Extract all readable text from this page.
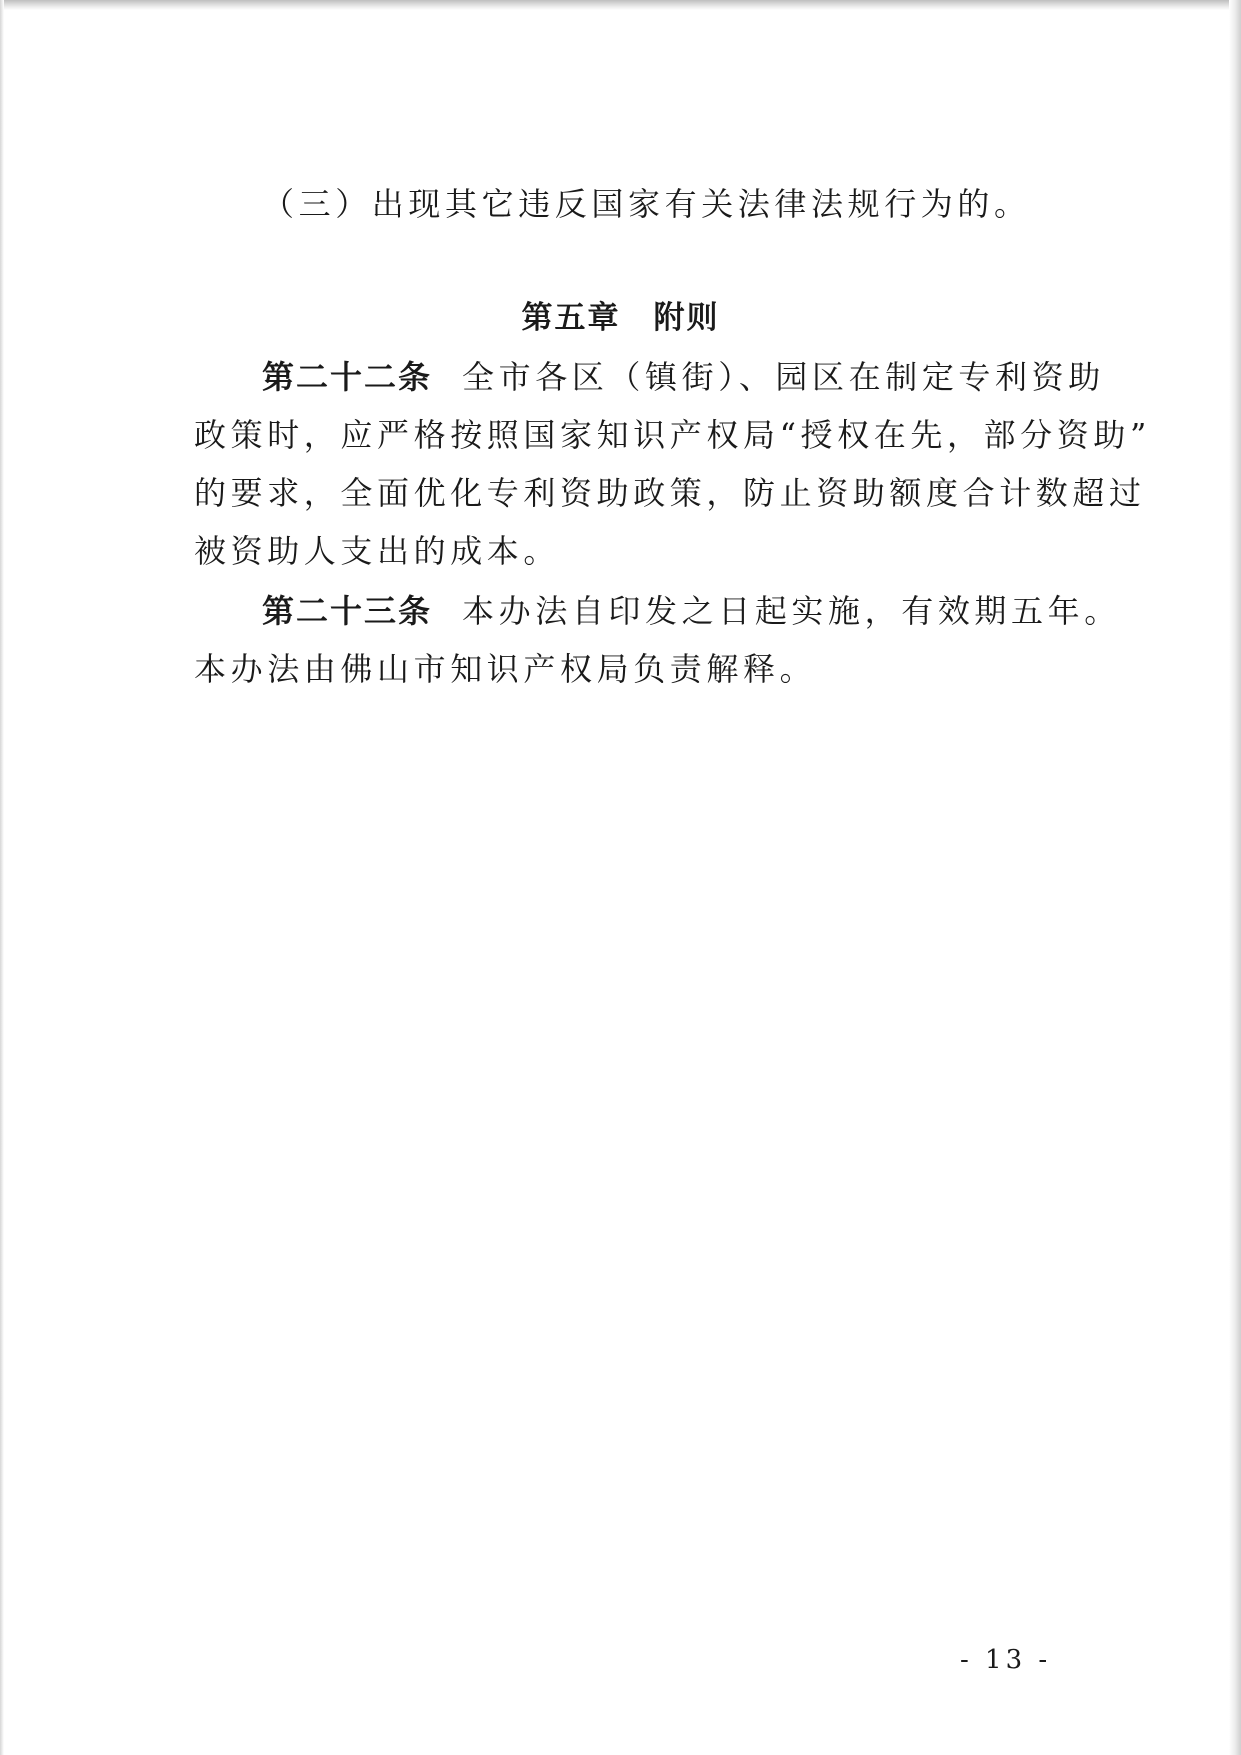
（三）出现其它违反国家有关法律法规行为的。
第五章　附则
第二十二条 全市各区（镇街）、园区在制定专利资助
政策时，应严格按照国家知识产权局“授权在先，部分资助”
的要求，全面优化专利资助政策，防止资助额度合计数超过
被资助人支出的成本。
第二十三条 本办法自印发之日起实施，有效期五年。
本办法由佛山市知识产权局负责解释。
- 13 -
